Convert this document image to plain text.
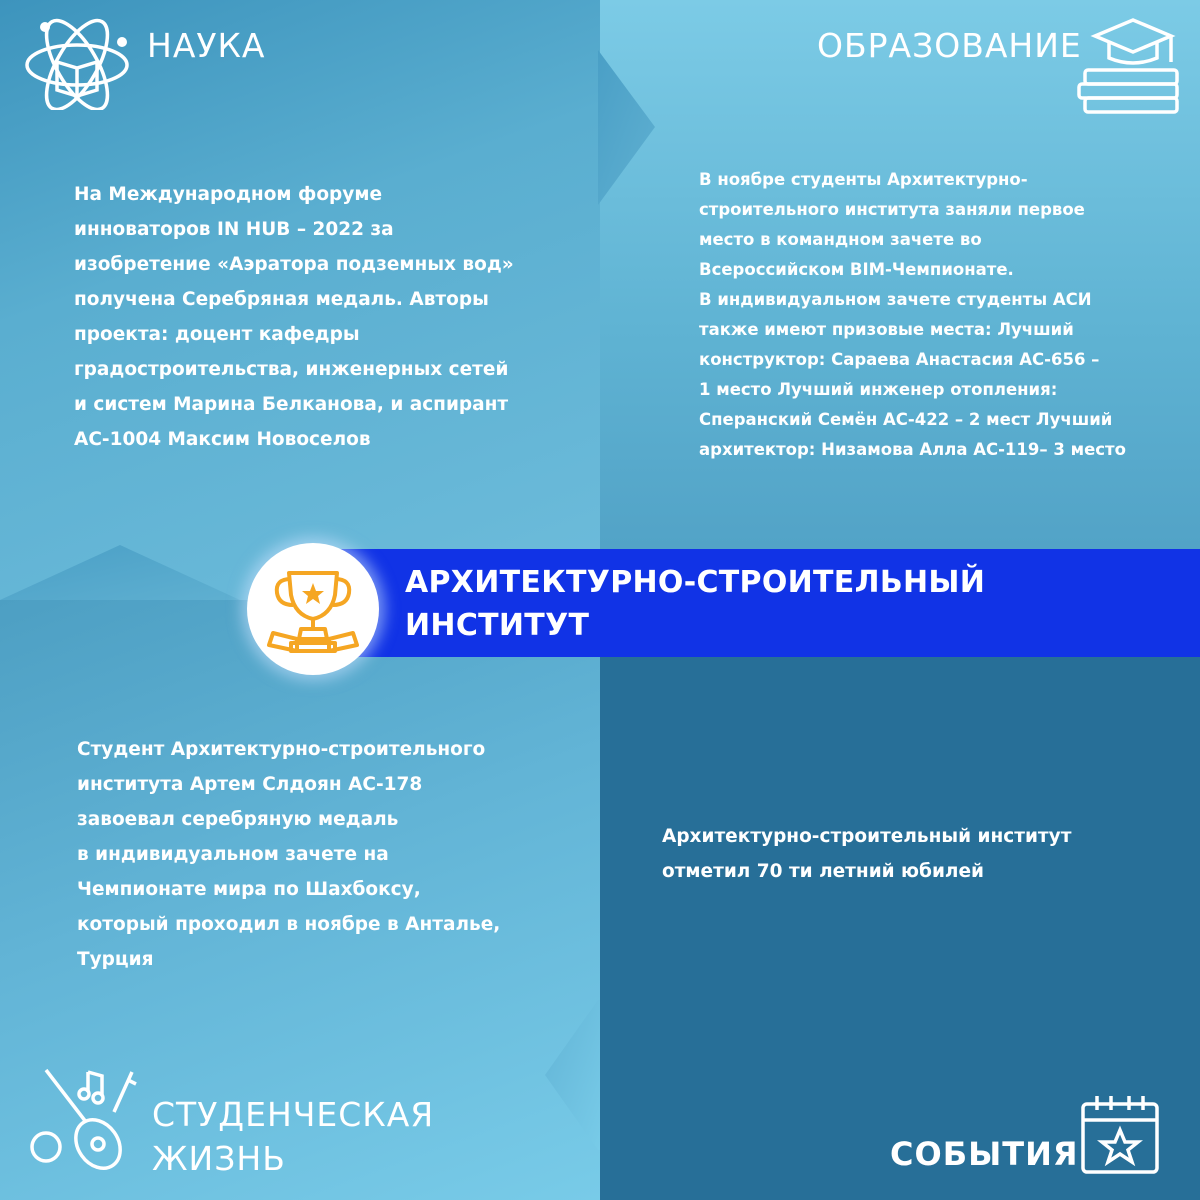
НАУКА
На Международном форуме
инноваторов IN HUB – 2022 за
изобретение «Аэратора подземных вод»
получена Серебряная медаль. Авторы
проекта: доцент кафедры
градостроительства, инженерных сетей
и систем Марина Белканова, и аспирант
АС-1004 Максим Новоселов
ОБРАЗОВАНИЕ
В ноябре студенты Архитектурно-
строительного института заняли первое
место в командном зачете во
Всероссийском BIM-Чемпионате.
В индивидуальном зачете студенты АСИ
также имеют призовые места: Лучший
конструктор: Сараева Анастасия АС-656 –
1 место Лучший инженер отопления:
Сперанский Семён АС-422 – 2 мест Лучший
архитектор: Низамова Алла АС-119– 3 место
АРХИТЕКТУРНО-СТРОИТЕЛЬНЫЙ
ИНСТИТУТ
Студент Архитектурно-строительного
института Артем Слдоян АС-178
завоевал серебряную медаль
в индивидуальном зачете на
Чемпионате мира по Шахбоксу,
который проходил в ноябре в Анталье,
Турция
СТУДЕНЧЕСКАЯ
ЖИЗНЬ
Архитектурно-строительный институт
отметил 70 ти летний юбилей
СОБЫТИЯ
